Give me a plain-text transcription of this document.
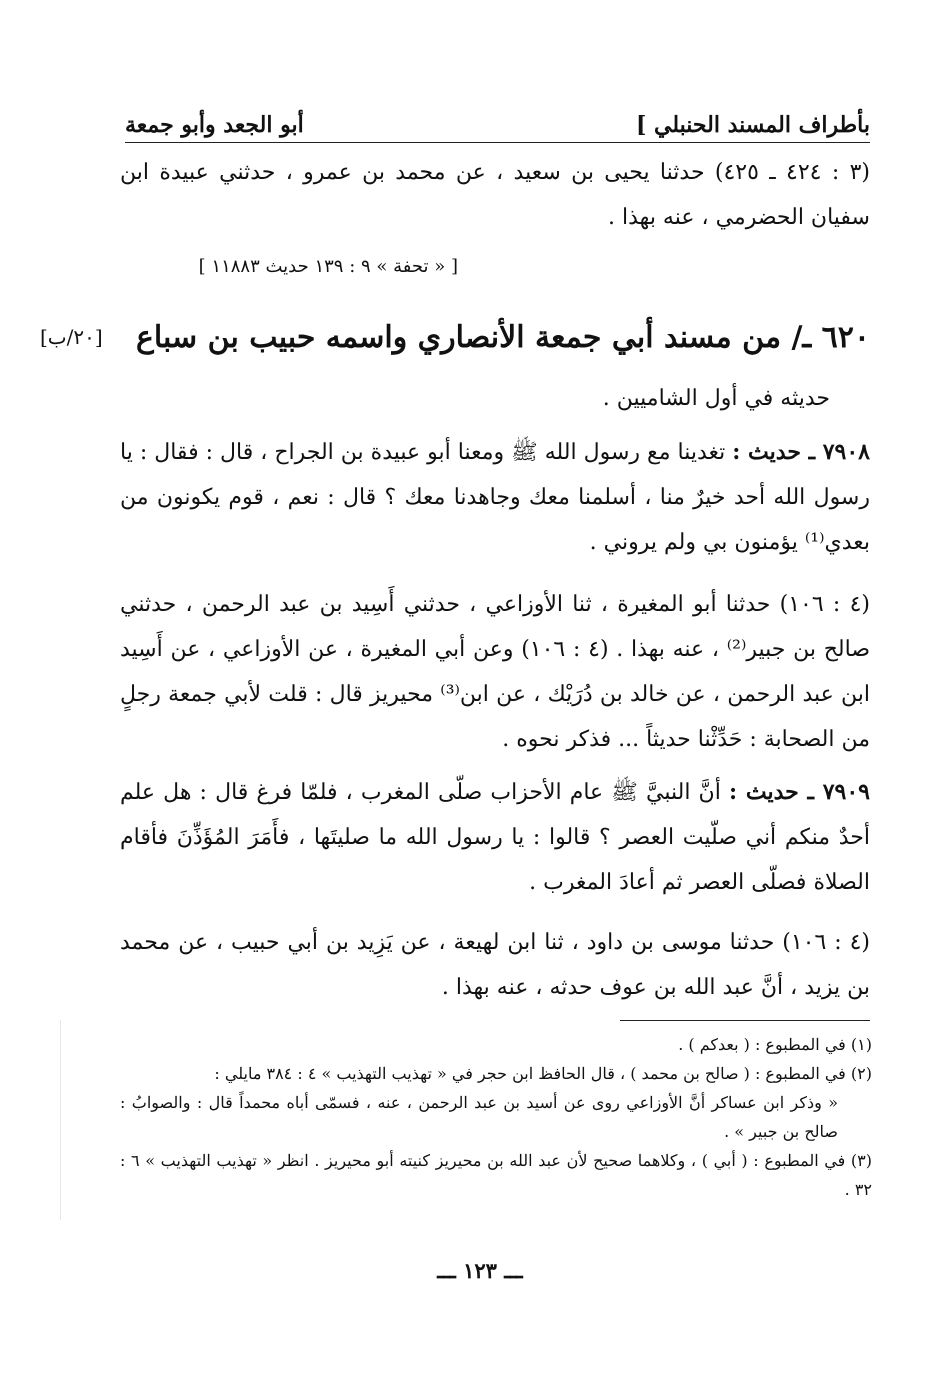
بأطراف المسند الحنبلي ]
أبو الجعد وأبو جمعة

(٣ : ٤٢٤ ـ ٤٢٥) حدثنا يحيى بن سعيد ، عن محمد بن عمرو ، حدثني عبيدة ابن سفيان الحضرمي ، عنه بهذا .

[ « تحفة » ٩ : ١٣٩ حديث ١١٨٨٣ ]
٦٢٠ ـ/ من مسند أبي جمعة الأنصاري واسمه حبيب بن سباع
[٢٠/ب]

حديثه في أول الشاميين .

٧٩٠٨ ـ حديث : تغدينا مع رسول الله ﷺ ومعنا أبو عبيدة بن الجراح ، قال : فقال : يا رسول الله أحد خيرٌ منا ، أسلمنا معك وجاهدنا معك ؟ قال : نعم ، قوم يكونون من بعدي⁽¹⁾ يؤمنون بي ولم يروني .

(٤ : ١٠٦) حدثنا أبو المغيرة ، ثنا الأوزاعي ، حدثني أَسِيد بن عبد الرحمن ، حدثني صالح بن جبير⁽²⁾ ، عنه بهذا . (٤ : ١٠٦) وعن أبي المغيرة ، عن الأوزاعي ، عن أَسِيد ابن عبد الرحمن ، عن خالد بن دُرَيْك ، عن ابن⁽³⁾ محيريز قال : قلت لأبي جمعة رجلٍ من الصحابة : حَدِّثْنا حديثاً ... فذكر نحوه .

٧٩٠٩ ـ حديث : أنَّ النبيَّ ﷺ عام الأحزاب صلّى المغرب ، فلمّا فرغ قال : هل علم أحدٌ منكم أني صلّيت العصر ؟ قالوا : يا رسول الله ما صليتَها ، فأَمَرَ المُؤَذِّنَ فأقام الصلاة فصلّى العصر ثم أعادَ المغرب .

(٤ : ١٠٦) حدثنا موسى بن داود ، ثنا ابن لهيعة ، عن يَزِيد بن أبي حبيب ، عن محمد بن يزيد ، أنَّ عبد الله بن عوف حدثه ، عنه بهذا .

(١) في المطبوع : ( بعدكم ) .

(٢) في المطبوع : ( صالح بن محمد ) ، قال الحافظ ابن حجر في « تهذيب التهذيب » ٤ : ٣٨٤ مايلي :

« وذكر ابن عساكر أنَّ الأوزاعي روى عن أسيد بن عبد الرحمن ، عنه ، فسمّى أباه محمداً قال : والصوابُ : صالح بن جبير » .

(٣) في المطبوع : ( أبي ) ، وكلاهما صحيح لأن عبد الله بن محيريز كنيته أبو محيريز . انظر « تهذيب التهذيب » ٦ : ٣٢ .

ـــ ١٢٣ ـــ
